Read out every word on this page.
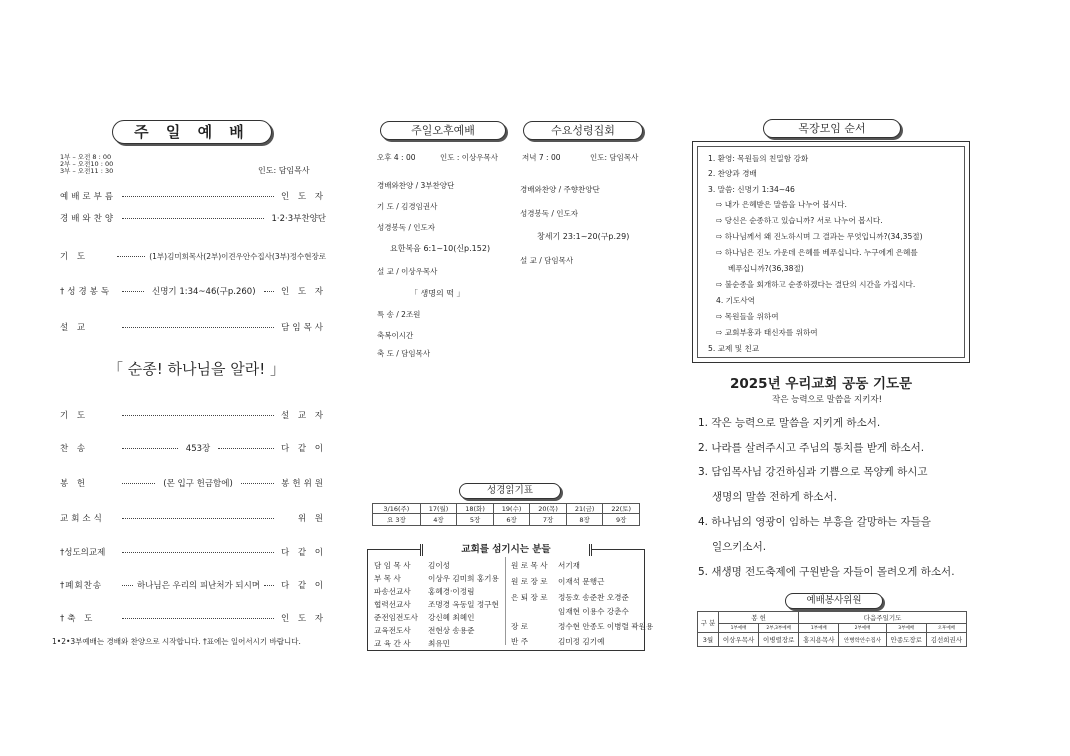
주 일 예 배
1부 – 오전 8 : 00
2부 – 오전10 : 00
3부 – 오전11 : 30	인도: 담임목사
예배로부름	인 도 자
경배와찬양	1·2·3부찬양단
기 도	(1부)김미희목사(2부)이견우안수집사(3부)정수현장로
†성경봉독	신명기 1:34~46(구p.260)	인 도 자
설 교	담임목사
「 순종! 하나님을 알라! 」
기 도	설 교 자
찬 송	453장	다 같 이
봉 헌	(몬 입구 헌금함에)	봉헌위원
교회소식	위 원
†성도의교제	다 같 이
†폐회찬송	하나님은 우리의 피난처가 되시며	다 같 이
†축 도	인 도 자
1•2•3부예배는 경배와 찬양으로 시작합니다. †표에는 일어서시기 바랍니다.
주일오후예배	수요성령집회
오후 4 : 00	인도 : 이상우목사
경배와찬양 / 3부찬양단
기 도 / 김경임권사
성경봉독 / 인도자
요한복음 6:1~10(신p.152)
설 교 / 이상우목사
「 생명의 떡 」
특 송 / 2조원
축복이시간
축 도 / 담임목사
저녁 7 : 00	인도: 담임목사
경배와찬양 / 주향찬양단
성경봉독 / 인도자
창세기 23:1~20(구p.29)
설 교 / 담임목사
성경읽기표
3/16(주)	17(월)	18(화)	19(수)	20(목)	21(금)	22(토)
요 3장	4장	5장	6장	7장	8장	9장
교회를 섬기시는 분들
담 임 목 사 김이성
부 목 사	이상우 김미희 홍기용
파송선교사 홍혜경·이정림
협력선교사 조명경 옥동일 정구현
준전임전도사 강신혜 최혜인
교육전도사 전현상 송용준
교 육 간 사 최유민
원 로 목 사 서기재
원 로 장 로 이재석 문행근
은 퇴 장 로 정동호 송준찬 오경준
임재현 이용수 강춘수
장 로	정수현 안종도 이병렬 곽원용
반 주	김미정 김기예
목장모임 순서
1. 환영: 목원들의 친밀함 강화
2. 찬양과 경배
3. 말씀: 신명기 1:34~46
⇨ 내가 은혜받은 말씀을 나누어 봅시다.
⇨ 당신은 순종하고 있습니까? 서로 나누어 봅시다.
⇨ 하나님께서 왜 진노하시며 그 결과는 무엇입니까?(34,35절)
⇨ 하나님은 진노 가운데 은혜를 베푸십니다. 누구에게 은혜를
베푸십니까?(36,38절)
⇨ 불순종을 회개하고 순종하겠다는 결단의 시간을 가집시다.
4. 기도사역
⇨ 목원들을 위하여
⇨ 교회부흥과 태신자를 위하여
5. 교제 및 친교
2025년 우리교회 공동 기도문
작은 능력으로 말씀을 지키자!
1. 작은 능력으로 말씀을 지키게 하소서.
2. 나라를 살려주시고 주님의 통치를 받게 하소서.
3. 담임목사님 강건하심과 기쁨으로 목양케 하시고
생명의 말씀 전하게 하소서.
4. 하나님의 영광이 임하는 부흥을 갈망하는 자들을
일으키소서.
5. 새생명 전도축제에 구원받을 자들이 몰려오게 하소서.
예배봉사위원
구 분	봉 헌		다음주일기도			
	1부예배	2부,3부예배	1부예배	2부예배	3부예배	오후예배
3월	이상우목사	이병렬장로	홍지용목사	안병학안수집사	안종도장로	김선희권사
